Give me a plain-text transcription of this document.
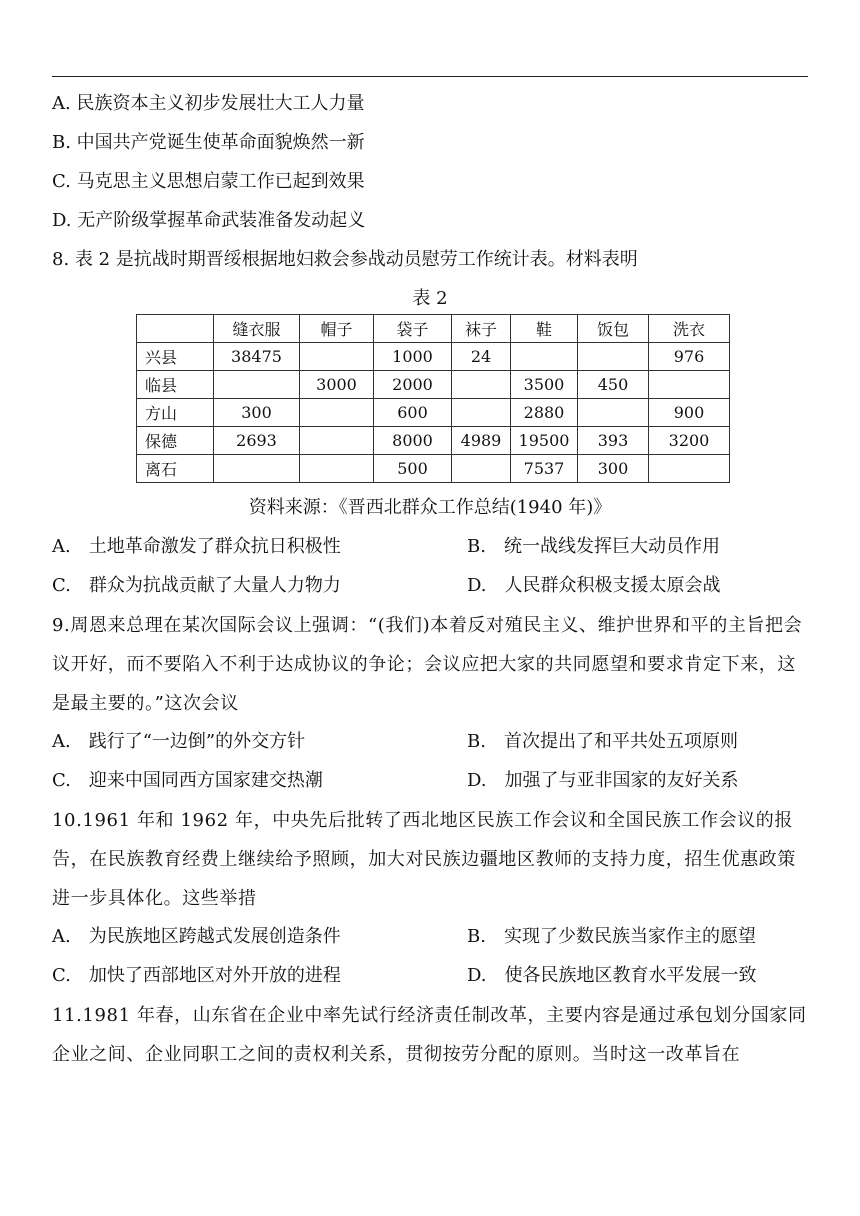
A. 民族资本主义初步发展壮大工人力量
B. 中国共产党诞生使革命面貌焕然一新
C. 马克思主义思想启蒙工作已起到效果
D. 无产阶级掌握革命武装准备发动起义
8. 表 2 是抗战时期晋绥根据地妇救会参战动员慰劳工作统计表。材料表明
表 2
	缝衣服	帽子	袋子	袜子	鞋	饭包	洗衣
兴县	38475		1000	24			976
临县		3000	2000		3500	450	
方山	300		600		2880		900
保德	2693		8000	4989	19500	393	3200
离石			500		7537	300	
资料来源：《晋西北群众工作总结(1940 年)》
A.　土地革命激发了群众抗日积极性	B.　统一战线发挥巨大动员作用
C.　群众为抗战贡献了大量人力物力	D.　人民群众积极支援太原会战
9.周恩来总理在某次国际会议上强调：“(我们)本着反对殖民主义、维护世界和平的主旨把会议开好，而不要陷入不利于达成协议的争论；会议应把大家的共同愿望和要求肯定下来，这是最主要的。”这次会议
A.　践行了“一边倒”的外交方针	B.　首次提出了和平共处五项原则
C.　迎来中国同西方国家建交热潮	D.　加强了与亚非国家的友好关系
10.1961 年和 1962 年，中央先后批转了西北地区民族工作会议和全国民族工作会议的报告，在民族教育经费上继续给予照顾，加大对民族边疆地区教师的支持力度，招生优惠政策进一步具体化。这些举措
A.　为民族地区跨越式发展创造条件	B.　实现了少数民族当家作主的愿望
C.　加快了西部地区对外开放的进程	D.　使各民族地区教育水平发展一致
11.1981 年春，山东省在企业中率先试行经济责任制改革，主要内容是通过承包划分国家同企业之间、企业同职工之间的责权利关系，贯彻按劳分配的原则。当时这一改革旨在
